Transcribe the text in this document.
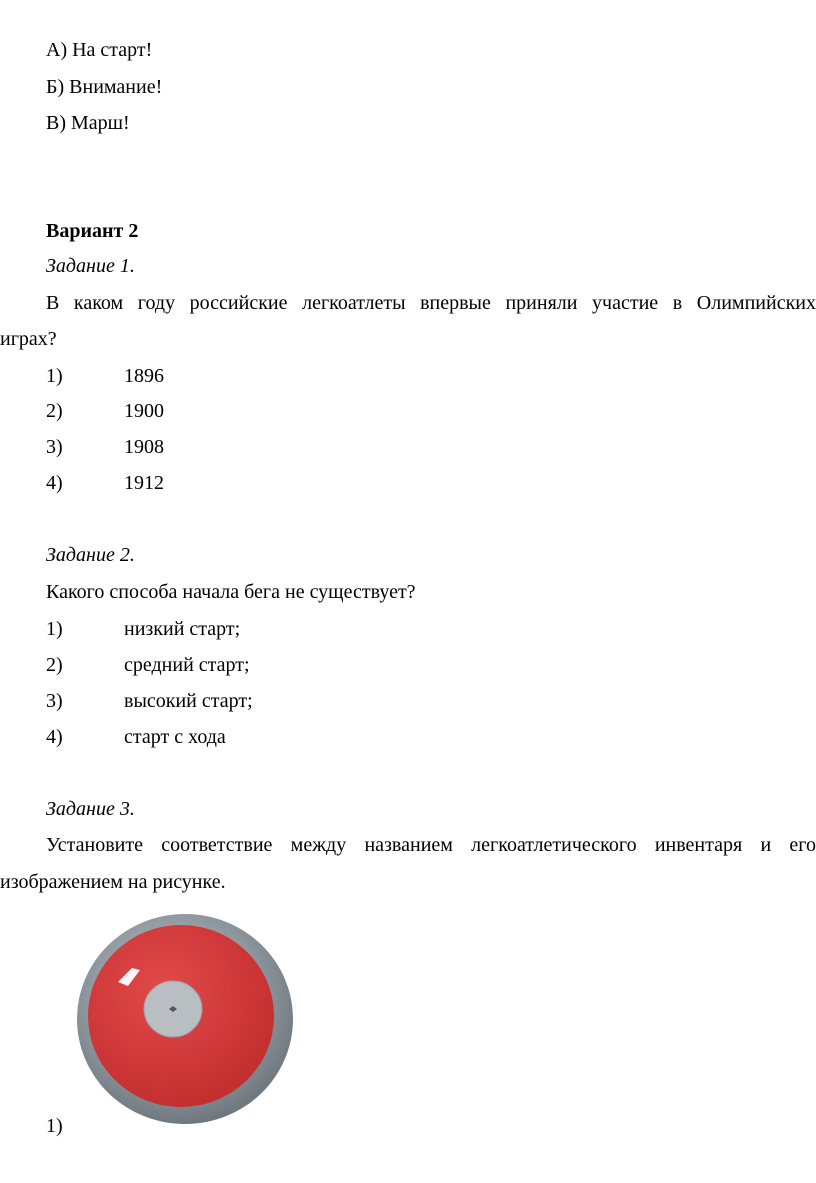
А) На старт!
Б) Внимание!
В) Марш!
Вариант 2
Задание 1.
В каком году российские легкоатлеты впервые приняли участие в Олимпийских
играх?
1)	1896
2)	1900
3)	1908
4)	1912
Задание 2.
Какого способа начала бега не существует?
1)	низкий старт;
2)	средний старт;
3)	высокий старт;
4)	старт с хода
Задание 3.
Установите соответствие между названием легкоатлетического инвентаря и его
изображением на рисунке.
1)
